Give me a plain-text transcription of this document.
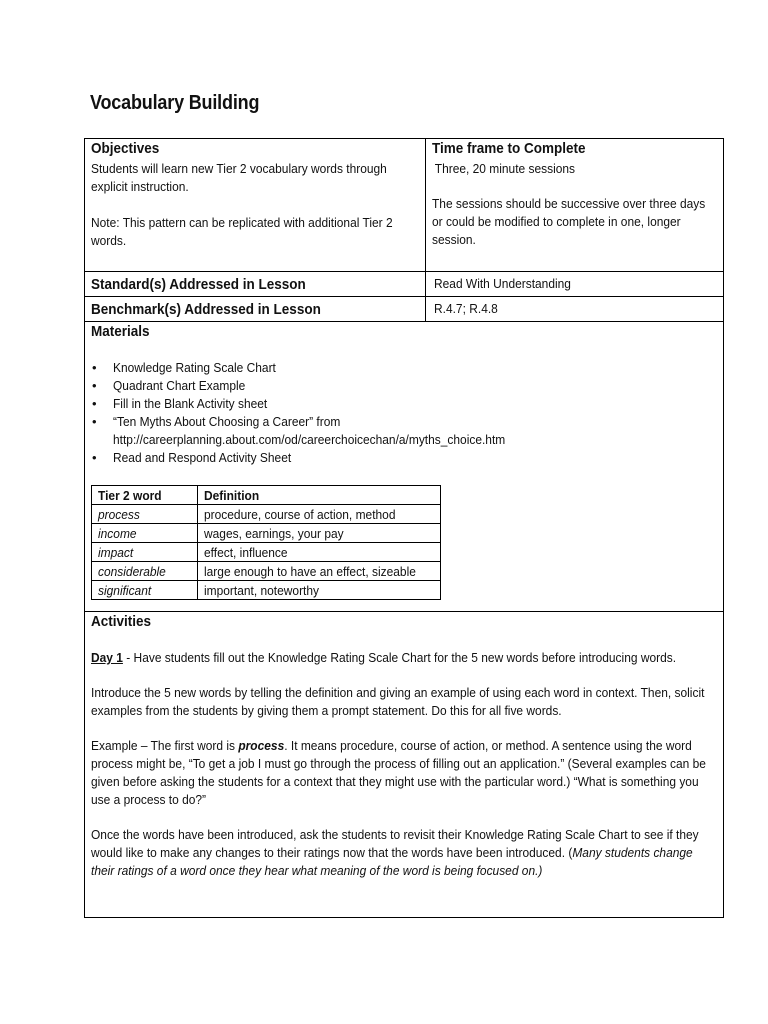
Vocabulary Building
Objectives

Students will learn new Tier 2 vocabulary words through explicit instruction.

Note: This pattern can be replicated with additional Tier 2 words.

Time frame to Complete

Three, 20 minute sessions

The sessions should be successive over three days or could be modified to complete in one, longer session.

Standard(s) Addressed in Lesson	Read With Understanding
Benchmark(s) Addressed in Lesson	R.4.7; R.4.8
Materials
• Knowledge Rating Scale Chart
• Quadrant Chart Example
• Fill in the Blank Activity sheet
• “Ten Myths About Choosing a Career” from
http://careerplanning.about.com/od/careerchoicechan/a/myths_choice.htm
• Read and Respond Activity Sheet
Tier 2 word	Definition
process	procedure, course of action, method
income	wages, earnings, your pay
impact	effect, influence
considerable	large enough to have an effect, sizeable
significant	important, noteworthy
Activities

Day 1 - Have students fill out the Knowledge Rating Scale Chart for the 5 new words before introducing words.

Introduce the 5 new words by telling the definition and giving an example of using each word in context. Then, solicit examples from the students by giving them a prompt statement. Do this for all five words.

Example – The first word is process. It means procedure, course of action, or method. A sentence using the word process might be, “To get a job I must go through the process of filling out an application.” (Several examples can be given before asking the students for a context that they might use with the particular word.) “What is something you use a process to do?”

Once the words have been introduced, ask the students to revisit their Knowledge Rating Scale Chart to see if they would like to make any changes to their ratings now that the words have been introduced. (Many students change their ratings of a word once they hear what meaning of the word is being focused on.)
